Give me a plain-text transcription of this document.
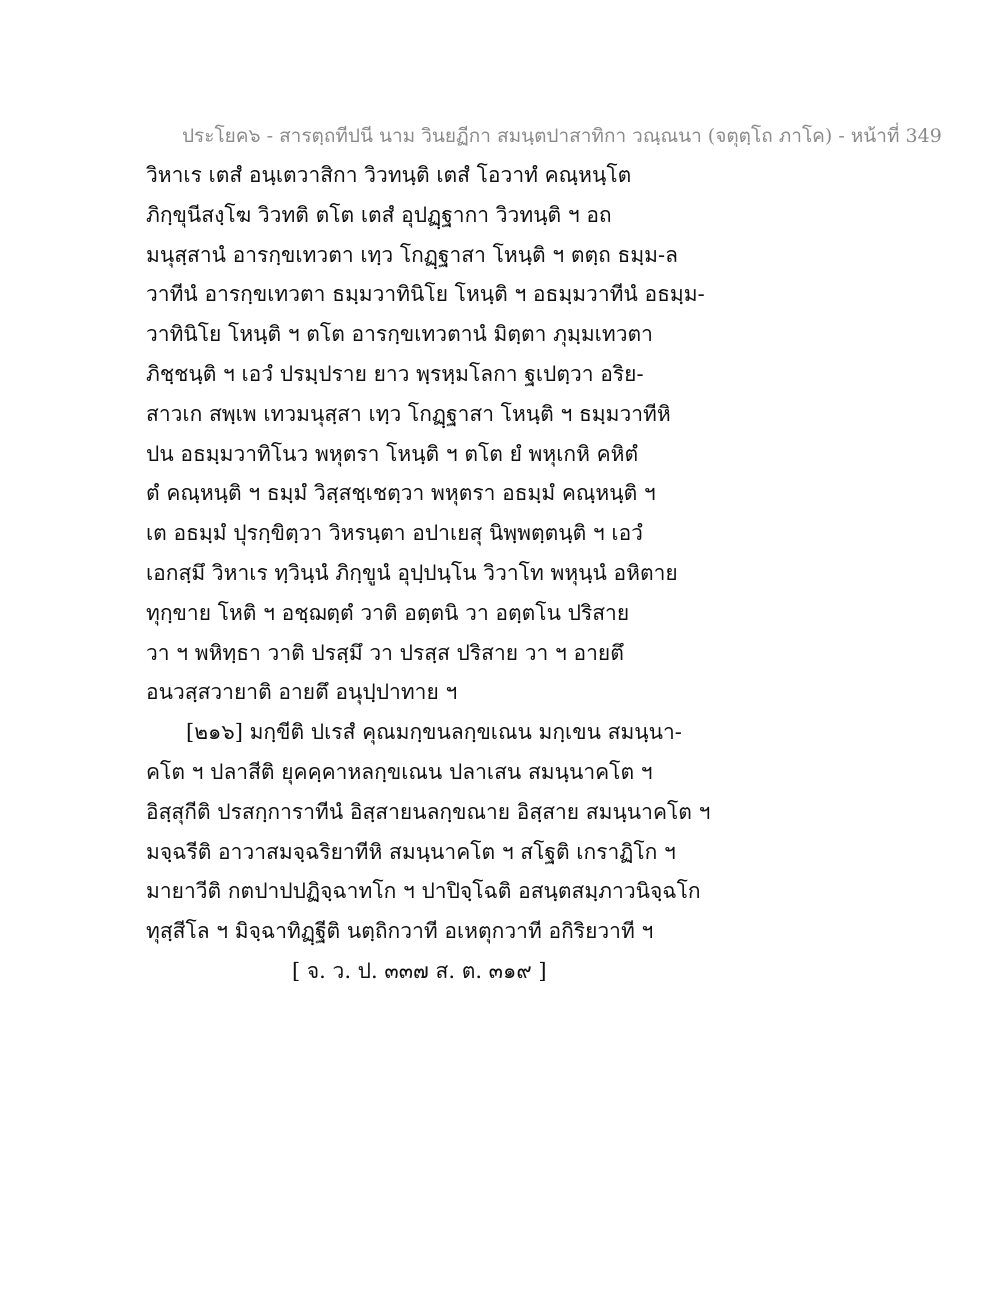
ประโยค๖ - สารตฺถทีปนี นาม วินยฏีกา สมนฺตปาสาทิกา วณฺณนา (จตุตฺโถ ภาโค) - หน้าที่ 349
วิหาเร เตสํ อนฺเตวาสิกา วิวทนฺติ เตสํ โอวาทํ คณฺหนฺโต
ภิกฺขุนีสงฺโฆ วิวทติ ตโต เตสํ อุปฏฺฐากา วิวทนฺติ ฯ อถ
มนุสฺสานํ อารกฺขเทวตา เทฺว โกฏฺฐาสา โหนฺติ ฯ ตตฺถ ธมฺม-ล
วาทีนํ อารกฺขเทวตา ธมฺมวาทินิโย โหนฺติ ฯ อธมฺมวาทีนํ อธมฺม-
วาทินิโย โหนฺติ ฯ ตโต อารกฺขเทวตานํ มิตฺตา ภุมฺมเทวตา
ภิชฺชนฺติ ฯ เอวํ ปรมฺปราย ยาว พฺรหฺมโลกา ฐเปตฺวา อริย-
สาวเก สพฺเพ เทวมนุสฺสา เทฺว โกฏฺฐาสา โหนฺติ ฯ ธมฺมวาทีหิ
ปน อธมฺมวาทิโนว พหุตรา โหนฺติ ฯ ตโต ยํ พหุเกหิ คหิตํ
ตํ คณฺหนฺติ ฯ ธมฺมํ วิสฺสชฺเชตฺวา พหุตรา อธมฺมํ คณฺหนฺติ ฯ
เต อธมฺมํ ปุรกฺขิตฺวา วิหรนฺตา อปาเยสุ นิพฺพตฺตนฺติ ฯ เอวํ
เอกสฺมึ วิหาเร ทฺวินฺนํ ภิกฺขูนํ อุปฺปนฺโน วิวาโท พหุนฺนํ อหิตาย
ทุกฺขาย โหติ ฯ อชฺฌตฺตํ วาติ อตฺตนิ วา อตฺตโน ปริสาย
วา ฯ พหิทฺธา วาติ ปรสฺมึ วา ปรสฺส ปริสาย วา ฯ อายตึ
อนวสฺสวายาติ อายตึ อนุปฺปาทาย ฯ
[๒๑๖] มกฺขีติ ปเรสํ คุณมกฺขนลกฺขเณน มกฺเขน สมนฺนา-
คโต ฯ ปลาสีติ ยุคคฺคาหลกฺขเณน ปลาเสน สมนฺนาคโต ฯ
อิสฺสุกีติ ปรสกฺการาทีนํ อิสฺสายนลกฺขณาย อิสฺสาย สมนฺนาคโต ฯ
มจฺฉรีติ อาวาสมจฺฉริยาทีหิ สมนฺนาคโต ฯ สโฐติ เกราฏิโก ฯ
มายาวีติ กตปาปปฏิจฺฉาทโก ฯ ปาปิจฺโฉติ อสนฺตสมฺภาวนิจฺฉโก
ทุสฺสีโล ฯ มิจฺฉาทิฏฺฐีติ นตฺถิกวาที อเหตุกวาที อกิริยวาที ฯ
[ จ. ว. ป. ๓๓๗ ส. ต. ๓๑๙ ]
